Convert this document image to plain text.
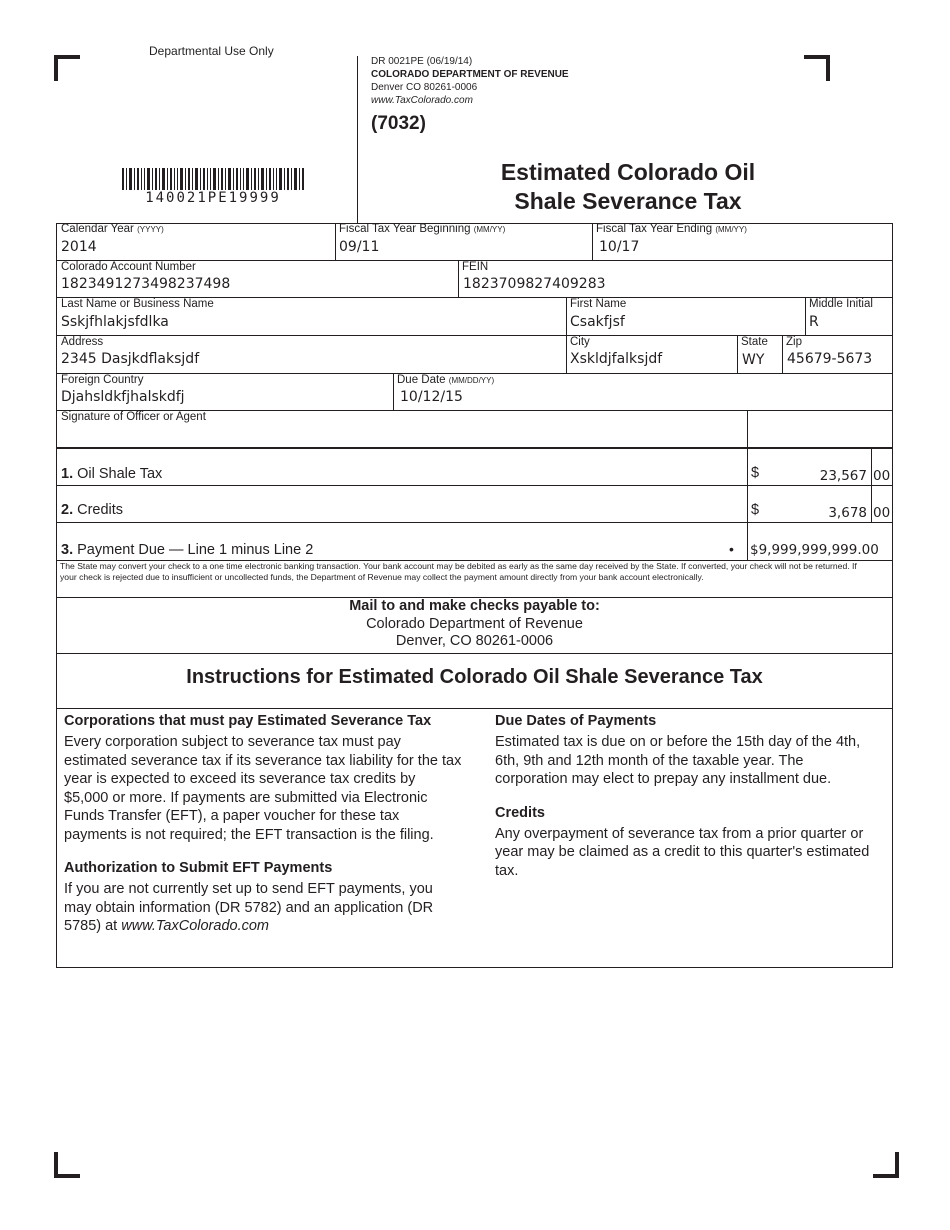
Departmental Use Only
DR 0021PE (06/19/14)
COLORADO DEPARTMENT OF REVENUE
Denver CO 80261-0006
www.TaxColorado.com
(7032)
Estimated Colorado Oil
Shale Severance Tax
140021PE19999
Calendar Year (YYYY)
2014
Fiscal Tax Year Beginning (MM/YY)
09/11
Fiscal Tax Year Ending (MM/YY)
10/17
Colorado Account Number
1823491273498237498
FEIN
1823709827409283
Last Name or Business Name
Sskjfhlakjsfdlka
First Name
Csakfjsf
Middle Initial
R
Address
2345 Dasjkdflaksjdf
City
Xskldjfalksjdf
State
WY
Zip
45679-5673
Foreign Country
Djahsldkfjhalskdfj
Due Date (MM/DD/YY)
10/12/15
Signature of Officer or Agent
1. Oil Shale Tax	$	23,567 00
2. Credits	$	3,678 00
3. Payment Due — Line 1 minus Line 2	• $9,999,999,999.00
The State may convert your check to a one time electronic banking transaction. Your bank account may be debited as early as the same day received by the State. If converted, your check will not be returned. If your check is rejected due to insufficient or uncollected funds, the Department of Revenue may collect the payment amount directly from your bank account electronically.
Mail to and make checks payable to:
Colorado Department of Revenue
Denver, CO 80261-0006
Instructions for Estimated Colorado Oil Shale Severance Tax
Corporations that must pay Estimated Severance Tax

Every corporation subject to severance tax must pay estimated severance tax if its severance tax liability for the tax year is expected to exceed its severance tax credits by $5,000 or more. If payments are submitted via Electronic Funds Transfer (EFT), a paper voucher for these tax payments is not required; the EFT transaction is the filing.

Authorization to Submit EFT Payments

If you are not currently set up to send EFT payments, you may obtain information (DR 5782) and an application (DR 5785) at www.TaxColorado.com

Due Dates of Payments

Estimated tax is due on or before the 15th day of the 4th, 6th, 9th and 12th month of the taxable year. The corporation may elect to prepay any installment due.

Credits

Any overpayment of severance tax from a prior quarter or year may be claimed as a credit to this quarter's estimated tax.
